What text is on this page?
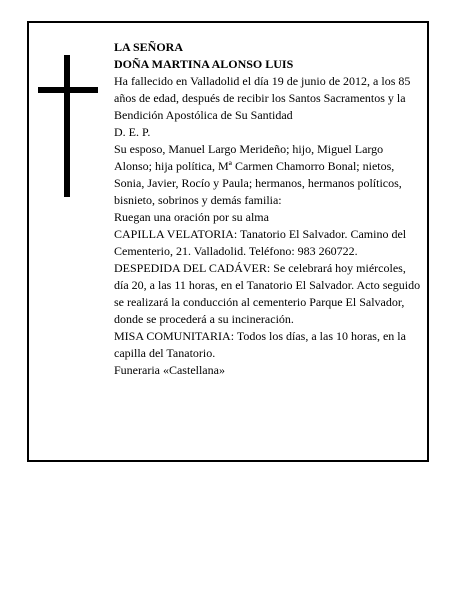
LA SEÑORA

DOÑA MARTINA ALONSO LUIS

Ha fallecido en Valladolid el día 19 de junio de 2012, a los 85 años de edad, después de recibir los Santos Sacramentos y la Bendición Apostólica de Su Santidad

D. E. P.

Su esposo, Manuel Largo Merideño; hijo, Miguel Largo Alonso; hija política, Mª Carmen Chamorro Bonal; nietos, Sonia, Javier, Rocío y Paula; hermanos, hermanos políticos, bisnieto, sobrinos y demás familia:

Ruegan una oración por su alma

CAPILLA VELATORIA: Tanatorio El Salvador. Camino del Cementerio, 21. Valladolid. Teléfono: 983 260722.

DESPEDIDA DEL CADÁVER: Se celebrará hoy miércoles, día 20, a las 11 horas, en el Tanatorio El Salvador. Acto seguido se realizará la conducción al cementerio Parque El Salvador, donde se procederá a su incineración.

MISA COMUNITARIA: Todos los días, a las 10 horas, en la capilla del Tanatorio.

Funeraria «Castellana»
